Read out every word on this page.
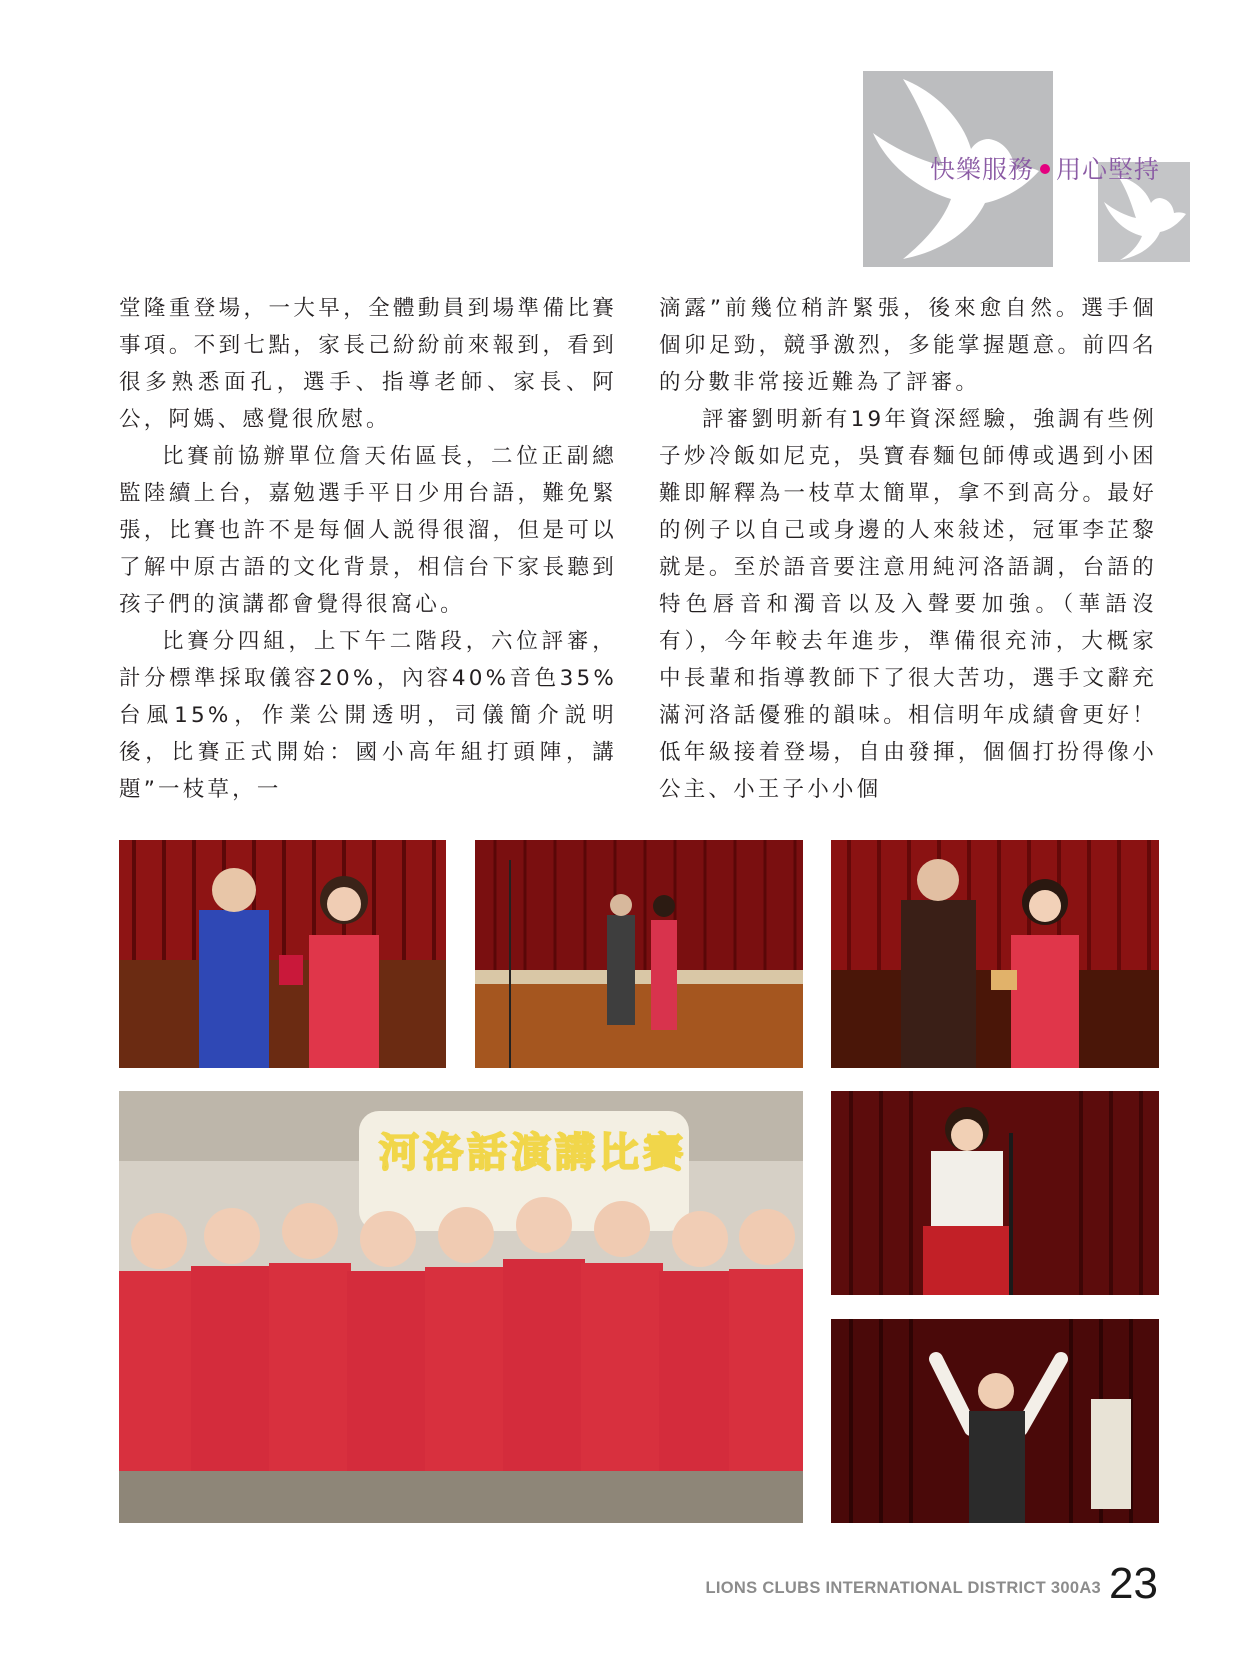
快樂服務 用心堅持

堂隆重登場，一大早，全體動員到場準備比賽事項。不到七點，家長己紛紛前來報到，看到很多熟悉面孔，選手、指導老師、家長、阿公，阿媽、感覺很欣慰。

比賽前協辦單位詹天佑區長，二位正副總監陸續上台，嘉勉選手平日少用台語，難免緊張，比賽也許不是每個人説得很溜，但是可以了解中原古語的文化背景，相信台下家長聽到孩子們的演講都會覺得很窩心。

比賽分四組，上下午二階段，六位評審，計分標準採取儀容20%，內容40%音色35%台風15%，作業公開透明，司儀簡介説明後，比賽正式開始：國小高年組打頭陣，講題”一枝草，一

滴露”前幾位稍許緊張，後來愈自然。選手個個卯足勁，競爭激烈，多能掌握題意。前四名的分數非常接近難為了評審。

評審劉明新有19年資深經驗，強調有些例子炒冷飯如尼克，吳寶春麵包師傅或遇到小困難即解釋為一枝草太簡單，拿不到高分。最好的例子以自己或身邊的人來敍述，冠軍李芷黎就是。至於語音要注意用純河洛語調，台語的特色唇音和濁音以及入聲要加強。（華語沒有），今年較去年進步，準備很充沛，大概家中長輩和指導教師下了很大苦功，選手文辭充滿河洛話優雅的韻味。相信明年成績會更好！低年級接着登場，自由發揮，個個打扮得像小公主、小王子小小個

河洛話演講比賽
LIONS CLUBS INTERNATIONAL DISTRICT 300A3 23
